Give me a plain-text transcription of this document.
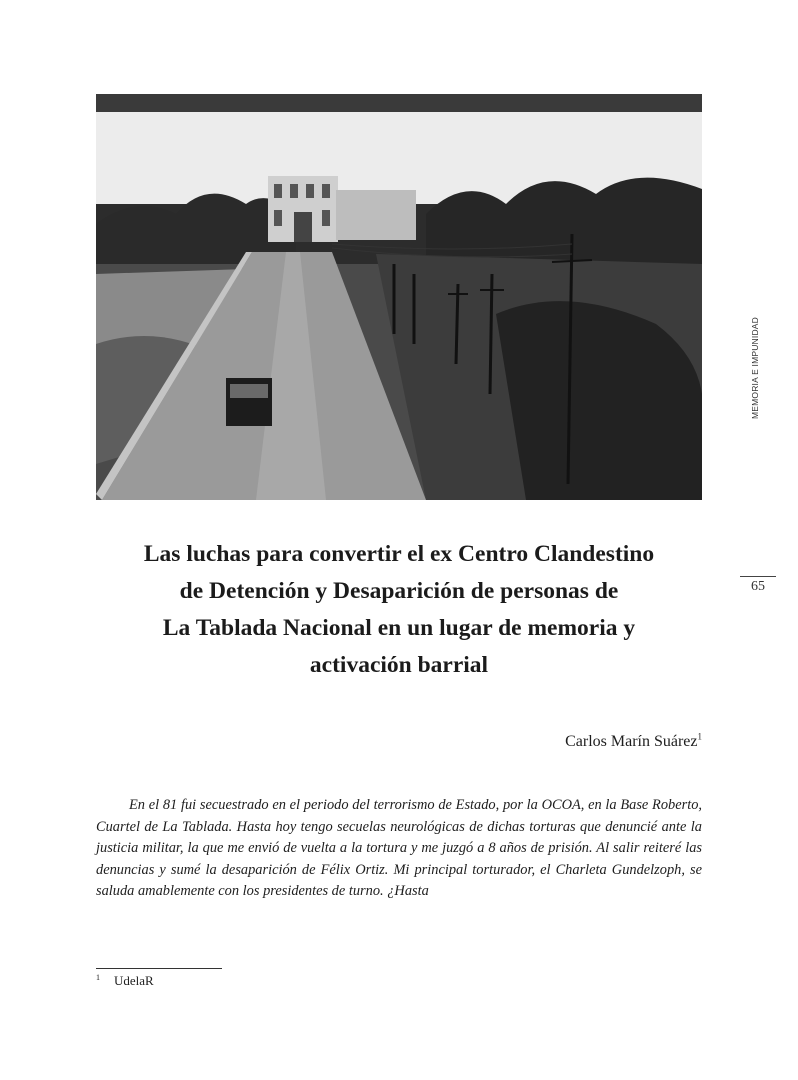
MEMORIA E IMPUNIDAD
65
Las luchas para convertir el ex Centro Clandestino
de Detención y Desaparición de personas de
La Tablada Nacional en un lugar de memoria y
activación barrial
Carlos Marín Suárez$^1$

En el 81 fui secuestrado en el periodo del terrorismo de Estado, por la OCOA, en la Base Roberto, Cuartel de La Tablada. Hasta hoy tengo secuelas neurológicas de dichas torturas que denuncié ante la justicia militar, la que me envió de vuelta a la tortura y me juzgó a 8 años de prisión. Al salir reiteré las denuncias y sumé la desaparición de Félix Ortiz. Mi principal torturador, el Charleta Gundelzoph, se saluda amablemente con los presidentes de turno. ¿Hasta

$^1$ UdelaR
